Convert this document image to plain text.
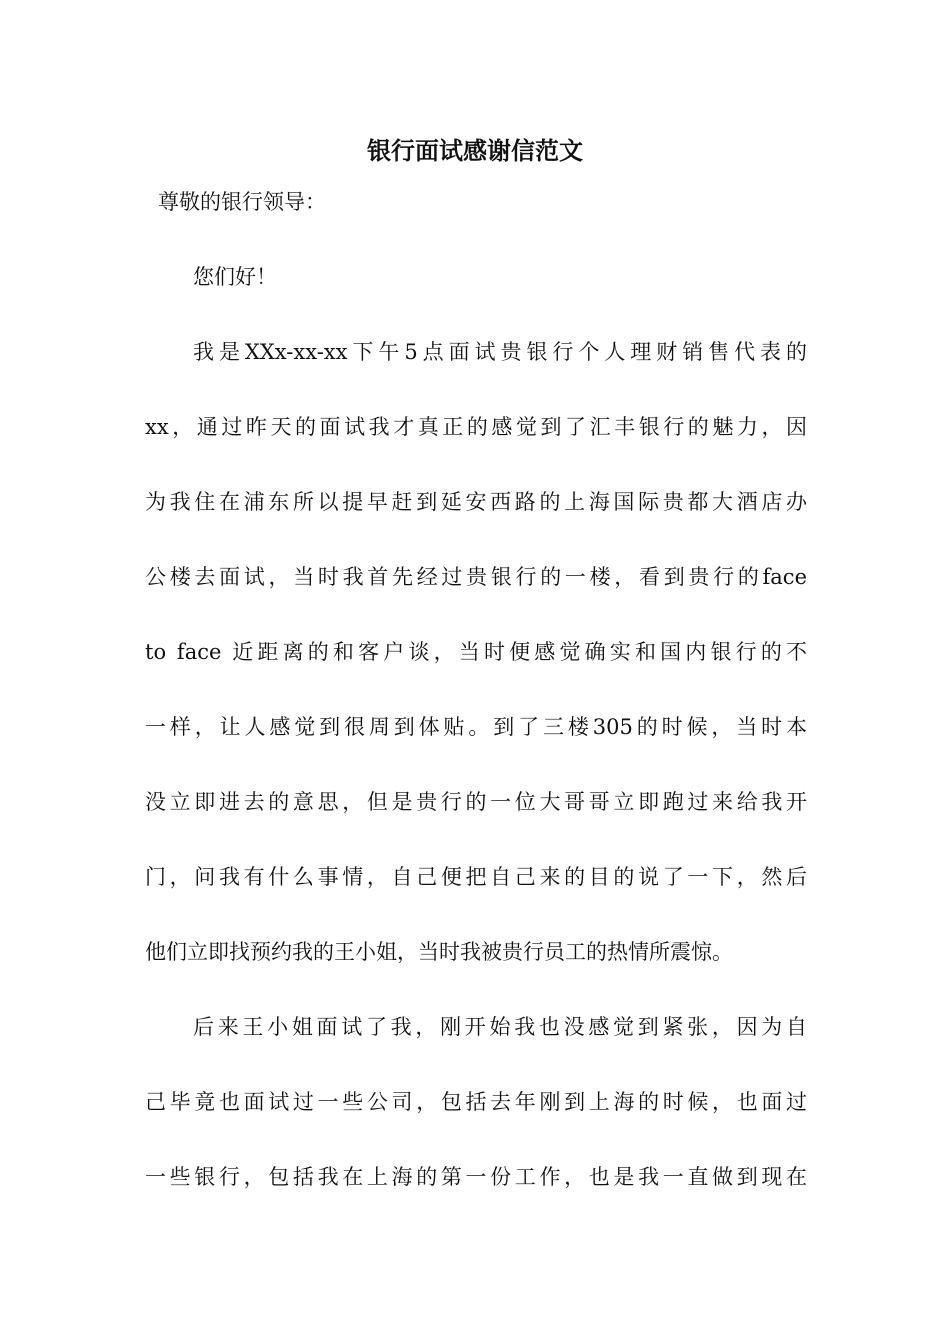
银行面试感谢信范文
尊敬的银行领导：
您们好！
我是XXx-xx-xx下午5点面试贵银行个人理财销售代表的
xx，通过昨天的面试我才真正的感觉到了汇丰银行的魅力，因
为我住在浦东所以提早赶到延安西路的上海国际贵都大酒店办
公楼去面试，当时我首先经过贵银行的一楼，看到贵行的face
to face 近距离的和客户谈，当时便感觉确实和国内银行的不
一样，让人感觉到很周到体贴。到了三楼305的时候，当时本
没立即进去的意思，但是贵行的一位大哥哥立即跑过来给我开
门，问我有什么事情，自己便把自己来的目的说了一下，然后
他们立即找预约我的王小姐，当时我被贵行员工的热情所震惊。
后来王小姐面试了我，刚开始我也没感觉到紧张，因为自
己毕竟也面试过一些公司，包括去年刚到上海的时候，也面过
一些银行，包括我在上海的第一份工作，也是我一直做到现在
